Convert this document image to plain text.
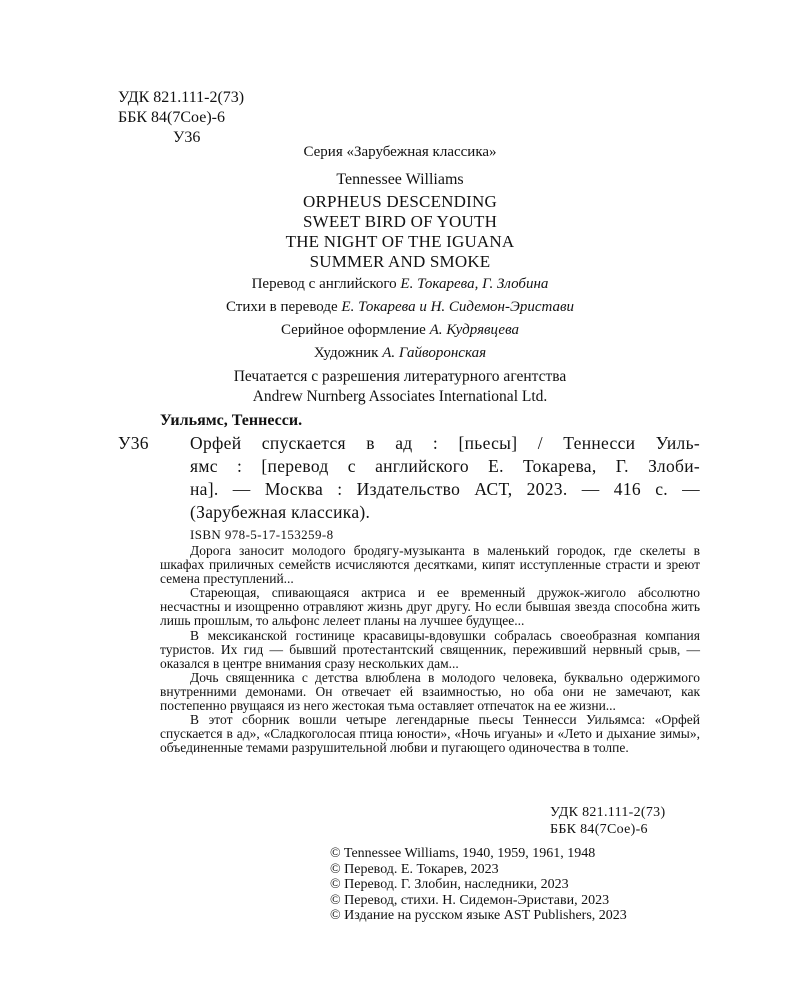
УДК 821.111-2(73)
ББК 84(7Сое)-6
У36
Серия «Зарубежная классика»
Tennessee Williams
ORPHEUS DESCENDING
SWEET BIRD OF YOUTH
THE NIGHT OF THE IGUANA
SUMMER AND SMOKE
Перевод с английского Е. Токарева, Г. Злобина
Стихи в переводе Е. Токарева и Н. Сидемон-Эристави
Серийное оформление А. Кудрявцева
Художник А. Гайворонская
Печатается с разрешения литературного агентства
Andrew Nurnberg Associates International Ltd.
Уильямс, Теннесси.
У36 Орфей спускается в ад : [пьесы] / Теннесси Уиль-
ямс : [перевод с английского Е. Токарева, Г. Злоби-
на]. — Москва : Издательство АСТ, 2023. — 416 с. —
(Зарубежная классика).
ISBN 978-5-17-153259-8

Дорога заносит молодого бродягу-музыканта в маленький городок, где скелеты в шкафах приличных семейств исчисляются десятками, кипят исступленные страсти и зреют семена преступлений...

Стареющая, спивающаяся актриса и ее временный дружок-жиголо абсолютно несчастны и изощренно отравляют жизнь друг другу. Но если бывшая звезда способна жить лишь прошлым, то альфонс лелеет планы на лучшее будущее...

В мексиканской гостинице красавицы-вдовушки собралась своеобразная компания туристов. Их гид — бывший протестантский священник, переживший нервный срыв, — оказался в центре внимания сразу нескольких дам...

Дочь священника с детства влюблена в молодого человека, буквально одержимого внутренними демонами. Он отвечает ей взаимностью, но оба они не замечают, как постепенно рвущаяся из него жестокая тьма оставляет отпечаток на ее жизни...

В этот сборник вошли четыре легендарные пьесы Теннесси Уильямса: «Орфей спускается в ад», «Сладкоголосая птица юности», «Ночь игуаны» и «Лето и дыхание зимы», объединенные темами разрушительной любви и пугающего одиночества в толпе.

УДК 821.111-2(73)
ББК 84(7Сое)-6
© Tennessee Williams, 1940, 1959, 1961, 1948
© Перевод. Е. Токарев, 2023
© Перевод. Г. Злобин, наследники, 2023
© Перевод, стихи. Н. Сидемон-Эристави, 2023
© Издание на русском языке AST Publishers, 2023
